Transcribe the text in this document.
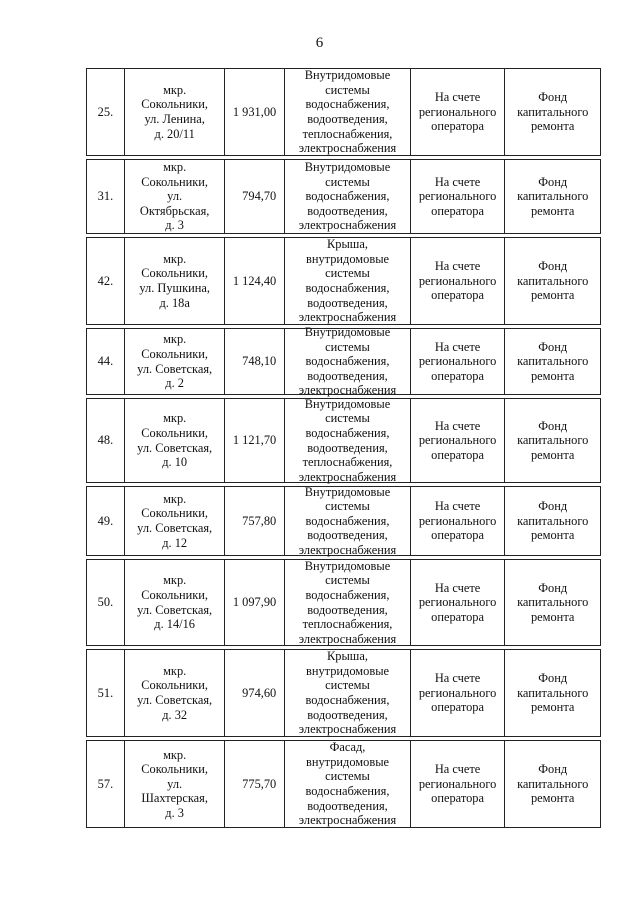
6
25.
мкр.
Сокольники,
ул. Ленина,
д. 20/11
1 931,00
Внутридомовые
системы
водоснабжения,
водоотведения,
теплоснабжения,
электроснабжения
На счете
регионального
оператора
Фонд
капитального
ремонта
31.
мкр.
Сокольники,
ул.
Октябрьская,
д. 3
794,70
Внутридомовые
системы
водоснабжения,
водоотведения,
электроснабжения
На счете
регионального
оператора
Фонд
капитального
ремонта
42.
мкр.
Сокольники,
ул. Пушкина,
д. 18а
1 124,40
Крыша,
внутридомовые
системы
водоснабжения,
водоотведения,
электроснабжения
На счете
регионального
оператора
Фонд
капитального
ремонта
44.
мкр.
Сокольники,
ул. Советская,
д. 2
748,10
Внутридомовые
системы
водоснабжения,
водоотведения,
электроснабжения
На счете
регионального
оператора
Фонд
капитального
ремонта
48.
мкр.
Сокольники,
ул. Советская,
д. 10
1 121,70
Внутридомовые
системы
водоснабжения,
водоотведения,
теплоснабжения,
электроснабжения
На счете
регионального
оператора
Фонд
капитального
ремонта
49.
мкр.
Сокольники,
ул. Советская,
д. 12
757,80
Внутридомовые
системы
водоснабжения,
водоотведения,
электроснабжения
На счете
регионального
оператора
Фонд
капитального
ремонта
50.
мкр.
Сокольники,
ул. Советская,
д. 14/16
1 097,90
Внутридомовые
системы
водоснабжения,
водоотведения,
теплоснабжения,
электроснабжения
На счете
регионального
оператора
Фонд
капитального
ремонта
51.
мкр.
Сокольники,
ул. Советская,
д. 32
974,60
Крыша,
внутридомовые
системы
водоснабжения,
водоотведения,
электроснабжения
На счете
регионального
оператора
Фонд
капитального
ремонта
57.
мкр.
Сокольники,
ул.
Шахтерская,
д. 3
775,70
Фасад,
внутридомовые
системы
водоснабжения,
водоотведения,
электроснабжения
На счете
регионального
оператора
Фонд
капитального
ремонта
